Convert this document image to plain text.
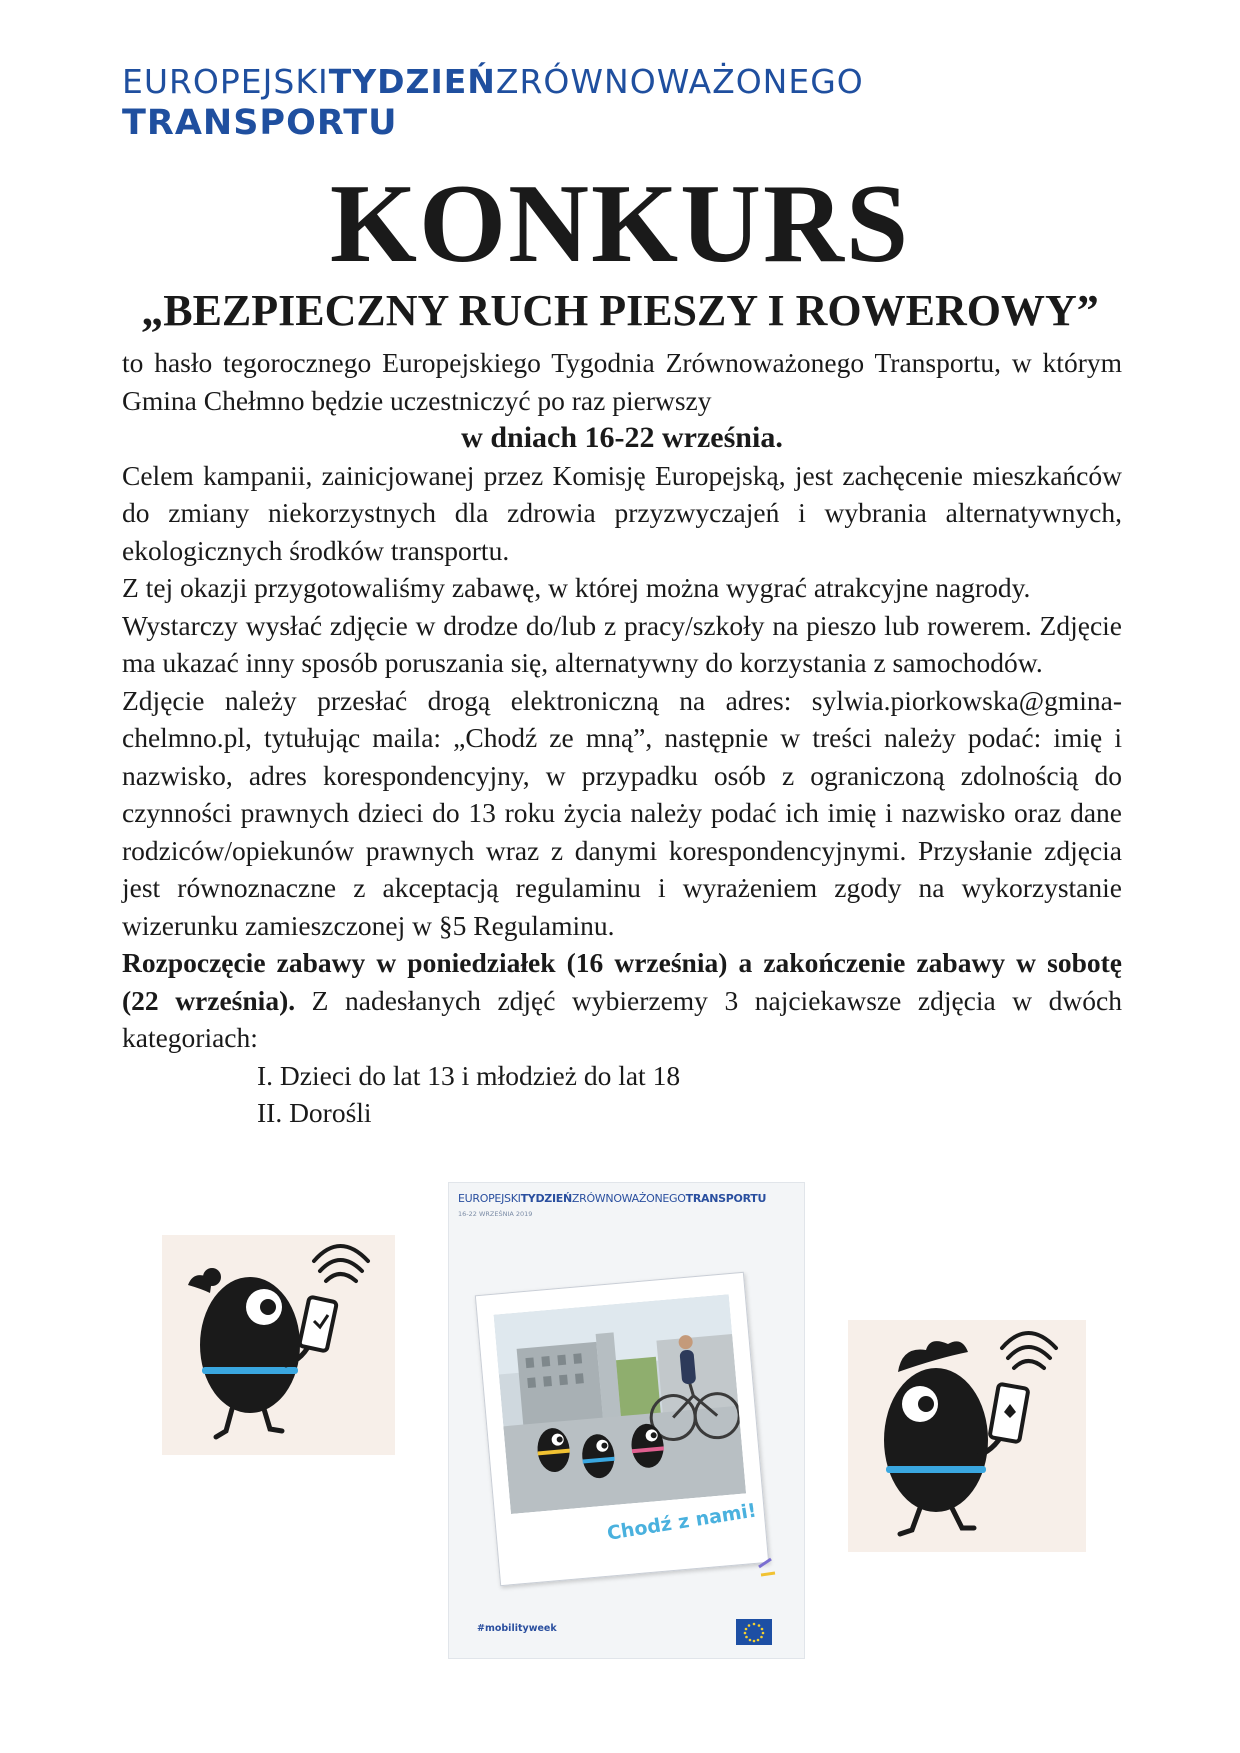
EUROPEJSKITYDZIEŃZRÓWNOWAŻONEGO
TRANSPORTU
KONKURS
„BEZPIECZNY RUCH PIESZY I ROWEROWY”

to hasło tegorocznego Europejskiego Tygodnia Zrównoważonego Transportu, w którym Gmina Chełmno będzie uczestniczyć po raz pierwszy

w dniach 16-22 września.

Celem kampanii, zainicjowanej przez Komisję Europejską, jest zachęcenie mieszkańców do zmiany niekorzystnych dla zdrowia przyzwyczajeń i wybrania alternatywnych, ekologicznych środków transportu.

Z tej okazji przygotowaliśmy zabawę, w której można wygrać atrakcyjne nagrody.

Wystarczy wysłać zdjęcie w drodze do/lub z pracy/szkoły na pieszo lub rowerem. Zdjęcie ma ukazać inny sposób poruszania się, alternatywny do korzystania z samochodów.

Zdjęcie należy przesłać drogą elektroniczną na adres: sylwia.piorkowska@gmina-chelmno.pl, tytułując maila: „Chodź ze mną”, następnie w treści należy podać: imię i nazwisko, adres korespondencyjny, w przypadku osób z ograniczoną zdolnością do czynności prawnych dzieci do 13 roku życia należy podać ich imię i nazwisko oraz dane rodziców/opiekunów prawnych wraz z danymi korespondencyjnymi. Przysłanie zdjęcia jest równoznaczne z akceptacją regulaminu i wyrażeniem zgody na wykorzystanie wizerunku zamieszczonej w §5 Regulaminu.

Rozpoczęcie zabawy w poniedziałek (16 września) a zakończenie zabawy w sobotę (22 września). Z nadesłanych zdjęć wybierzemy 3 najciekawsze zdjęcia w dwóch kategoriach:

I. Dzieci do lat 13 i młodzież do lat 18

II. Dorośli

EUROPEJSKITYDZIEŃZRÓWNOWAŻONEGOTRANSPORTU
16-22 WRZEŚNIA 2019
Chodź z nami!
#mobilityweek
